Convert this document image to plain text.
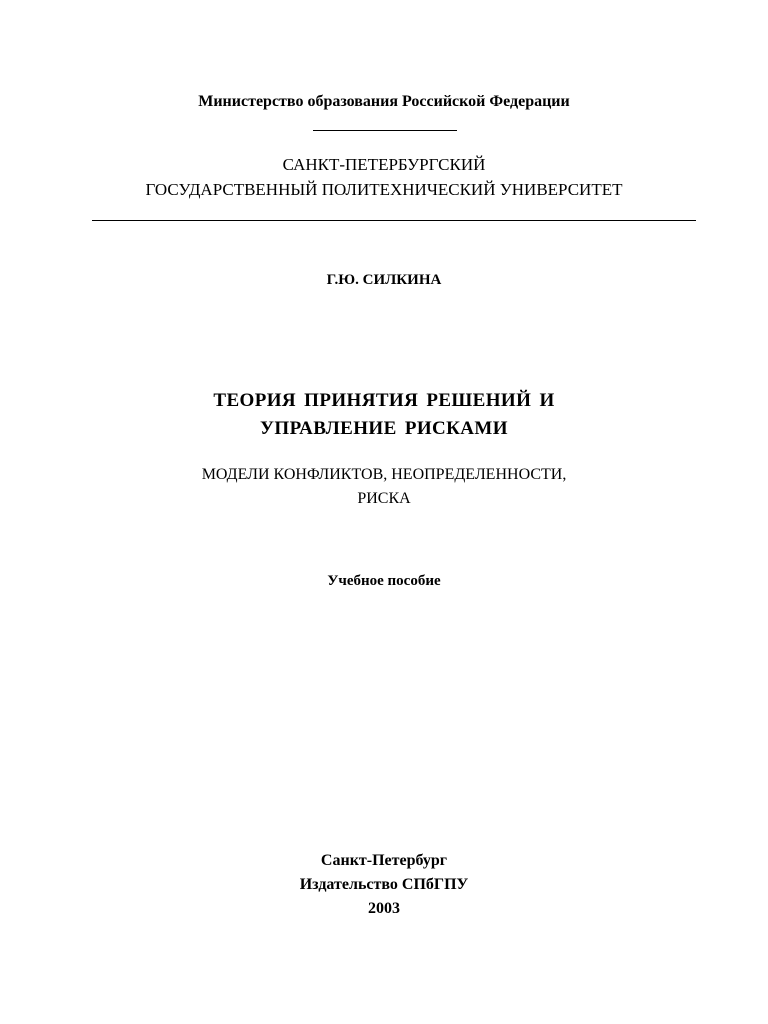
Министерство образования Российской Федерации
САНКТ-ПЕТЕРБУРГСКИЙ
ГОСУДАРСТВЕННЫЙ ПОЛИТЕХНИЧЕСКИЙ УНИВЕРСИТЕТ
Г.Ю. СИЛКИНА
ТЕОРИЯ ПРИНЯТИЯ РЕШЕНИЙ И
УПРАВЛЕНИЕ РИСКАМИ
МОДЕЛИ КОНФЛИКТОВ, НЕОПРЕДЕЛЕННОСТИ,
РИСКА
Учебное пособие
Санкт-Петербург
Издательство СПбГПУ
2003
